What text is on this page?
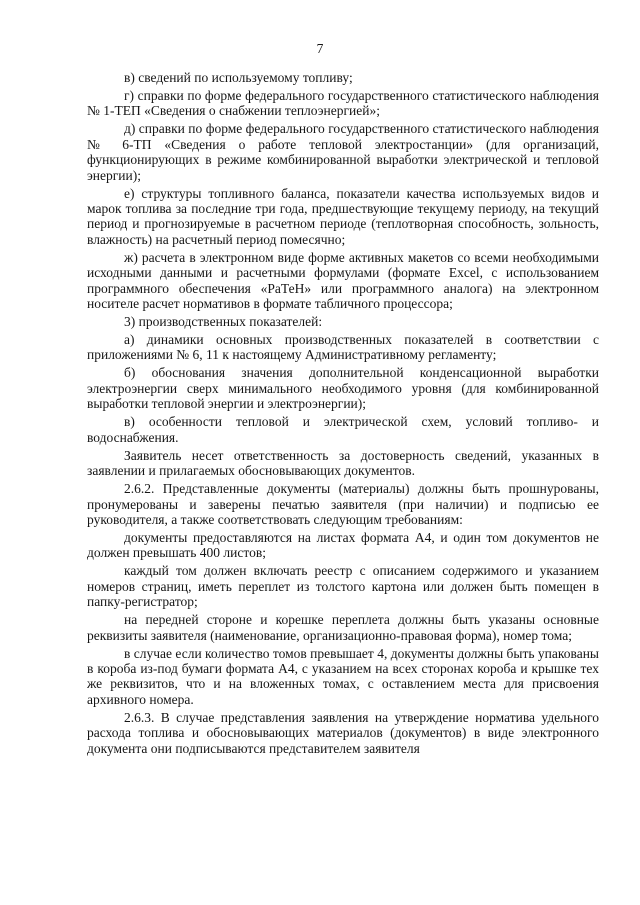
7

в) сведений по используемому топливу;

г) справки по форме федерального государственного статистического наблюдения № 1-ТЕП «Сведения о снабжении теплоэнергией»;

д) справки по форме федерального государственного статистического наблюдения № 6-ТП «Сведения о работе тепловой электростанции» (для организаций, функционирующих в режиме комбинированной выработки электрической и тепловой энергии);

е) структуры топливного баланса, показатели качества используемых видов и марок топлива за последние три года, предшествующие текущему периоду, на текущий период и прогнозируемые в расчетном периоде (теплотворная способность, зольность, влажность) на расчетный период помесячно;

ж) расчета в электронном виде форме активных макетов со всеми необходимыми исходными данными и расчетными формулами (формате Excel, с использованием программного обеспечения «РаТеН» или программного аналога) на электронном носителе расчет нормативов в формате табличного процессора;

3) производственных показателей:

а) динамики основных производственных показателей в соответствии с приложениями № 6, 11 к настоящему Административному регламенту;

б) обоснования значения дополнительной конденсационной выработки электроэнергии сверх минимального необходимого уровня (для комбинированной выработки тепловой энергии и электроэнергии);

в) особенности тепловой и электрической схем, условий топливо- и водоснабжения.

Заявитель несет ответственность за достоверность сведений, указанных в заявлении и прилагаемых обосновывающих документов.

2.6.2. Представленные документы (материалы) должны быть прошнурованы, пронумерованы и заверены печатью заявителя (при наличии) и подписью ее руководителя, а также соответствовать следующим требованиям:

документы предоставляются на листах формата А4, и один том документов не должен превышать 400 листов;

каждый том должен включать реестр с описанием содержимого и указанием номеров страниц, иметь переплет из толстого картона или должен быть помещен в папку-регистратор;

на передней стороне и корешке переплета должны быть указаны основные реквизиты заявителя (наименование, организационно-правовая форма), номер тома;

в случае если количество томов превышает 4, документы должны быть упакованы в короба из-под бумаги формата А4, с указанием на всех сторонах короба и крышке тех же реквизитов, что и на вложенных томах, с оставлением места для присвоения архивного номера.

2.6.3. В случае представления заявления на утверждение норматива удельного расхода топлива и обосновывающих материалов (документов) в виде электронного документа они подписываются представителем заявителя
